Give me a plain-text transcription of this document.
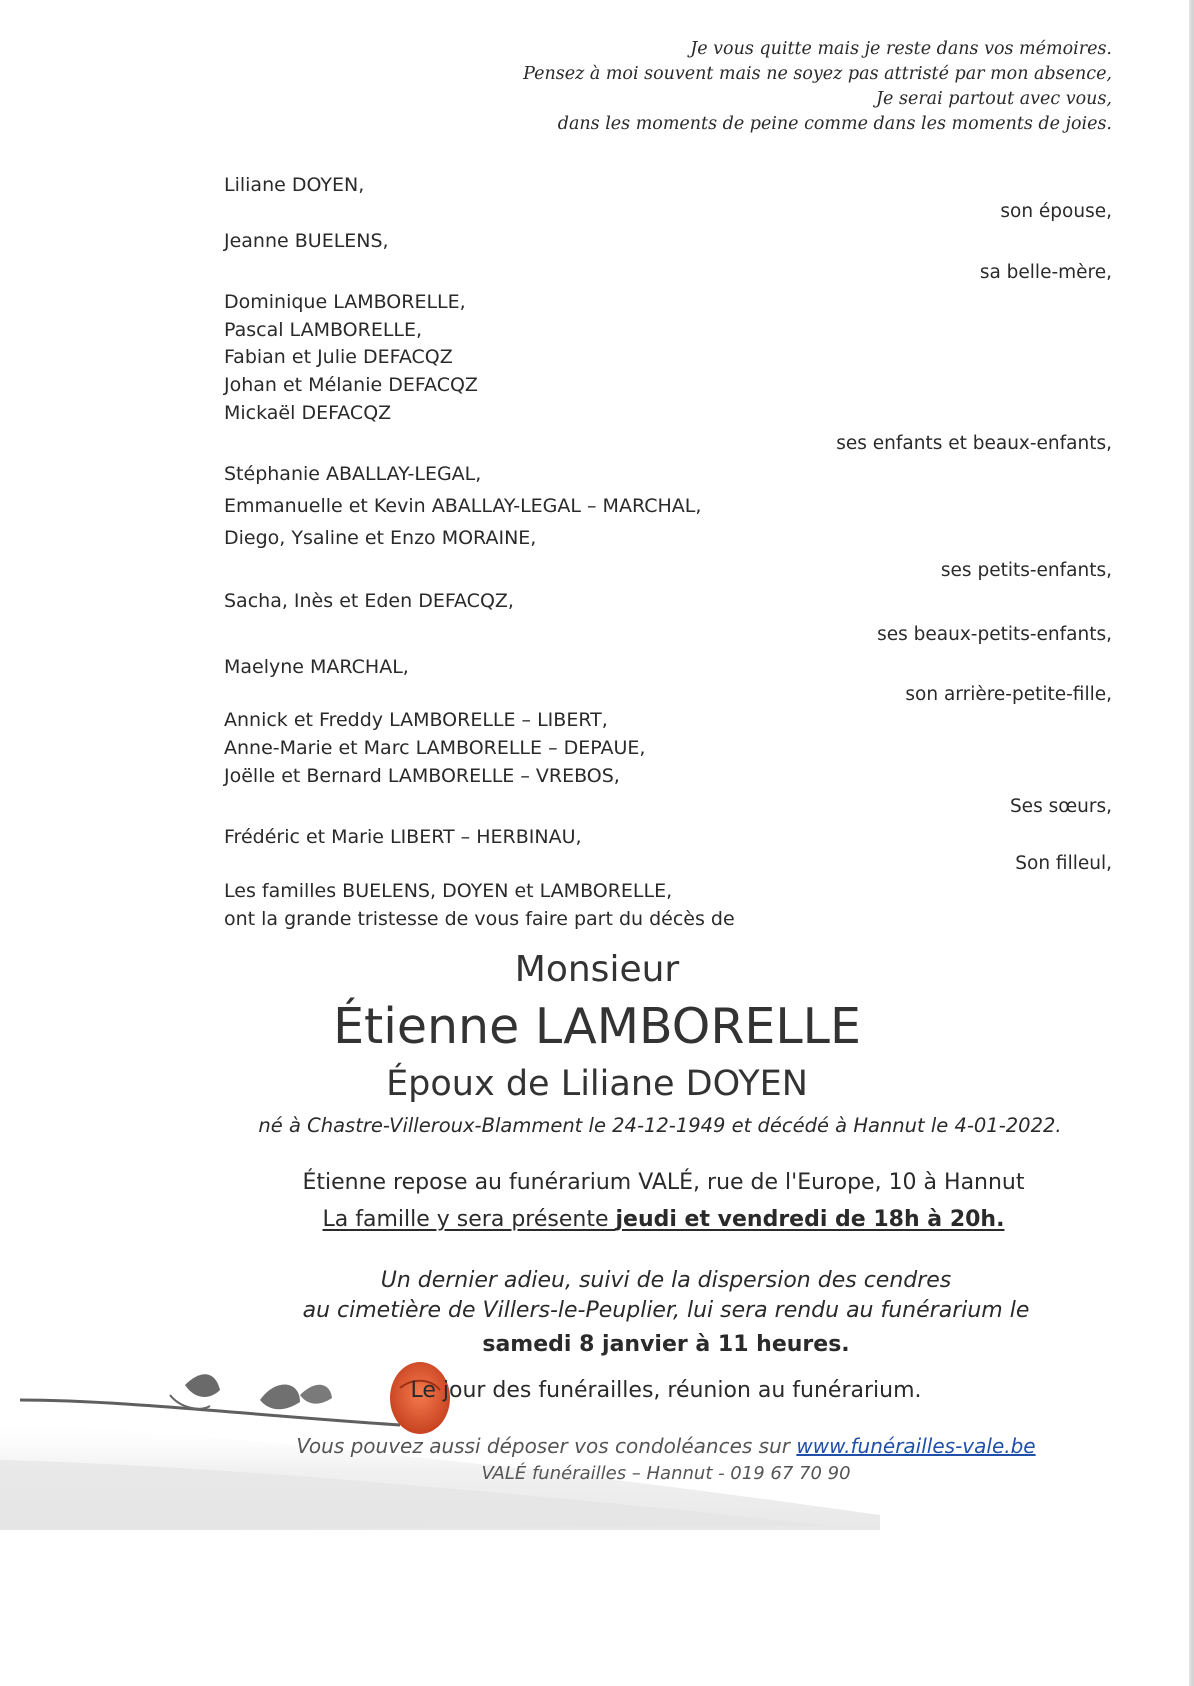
Je vous quitte mais je reste dans vos mémoires.
Pensez à moi souvent mais ne soyez pas attristé par mon absence,
Je serai partout avec vous,
dans les moments de peine comme dans les moments de joies.
Liliane DOYEN,
son épouse,
Jeanne BUELENS,
sa belle-mère,
Dominique LAMBORELLE,
Pascal LAMBORELLE,
Fabian et Julie DEFACQZ
Johan et Mélanie DEFACQZ
Mickaël DEFACQZ
ses enfants et beaux-enfants,
Stéphanie ABALLAY-LEGAL,
Emmanuelle et Kevin ABALLAY-LEGAL – MARCHAL,
Diego, Ysaline et Enzo MORAINE,
ses petits-enfants,
Sacha, Inès et Eden DEFACQZ,
ses beaux-petits-enfants,
Maelyne MARCHAL,
son arrière-petite-fille,
Annick et Freddy LAMBORELLE – LIBERT,
Anne-Marie et Marc LAMBORELLE – DEPAUE,
Joëlle et Bernard LAMBORELLE – VREBOS,
Ses sœurs,
Frédéric et Marie LIBERT – HERBINAU,
Son filleul,
Les familles BUELENS, DOYEN et LAMBORELLE,
ont la grande tristesse de vous faire part du décès de
Monsieur
Étienne LAMBORELLE
Époux de Liliane DOYEN
né à Chastre-Villeroux-Blamment le 24-12-1949 et décédé à Hannut le 4-01-2022.
Étienne repose au funérarium VALÉ, rue de l'Europe, 10 à Hannut
La famille y sera présente jeudi et vendredi de 18h à 20h.
Un dernier adieu, suivi de la dispersion des cendres
au cimetière de Villers-le-Peuplier, lui sera rendu au funérarium le
samedi 8 janvier à 11 heures.
Le jour des funérailles, réunion au funérarium.
Vous pouvez aussi déposer vos condoléances sur www.funérailles-vale.be
VALÉ funérailles – Hannut - 019 67 70 90
